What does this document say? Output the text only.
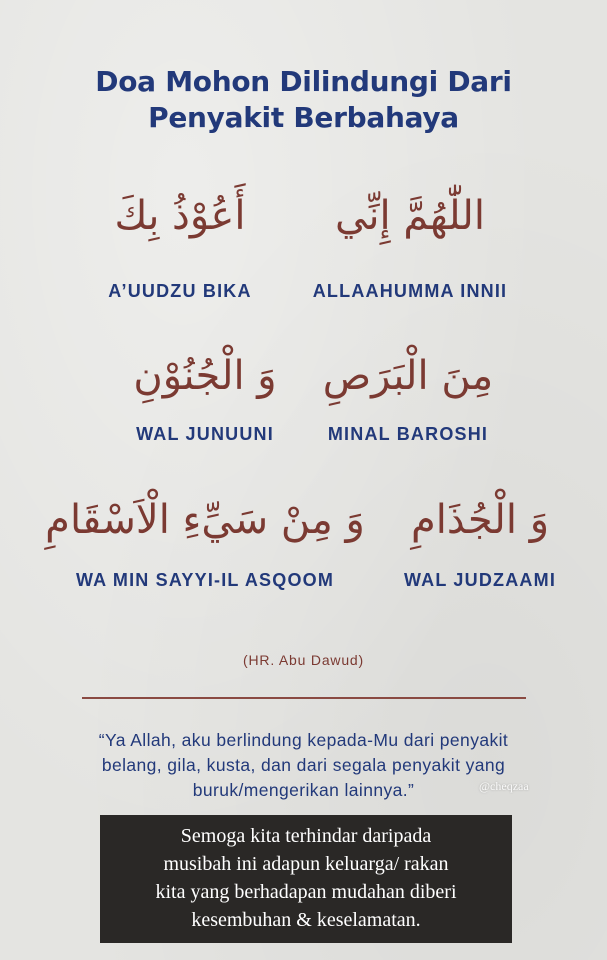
Doa Mohon Dilindungi Dari
Penyakit Berbahaya
أَعُوْذُ بِكَ
A’UUDZU BIKA
اللّٰهُمَّ إِنِّي
ALLAAHUMMA INNII
وَ الْجُنُوْنِ
WAL JUNUUNI
مِنَ الْبَرَصِ
MINAL BAROSHI
وَ مِنْ سَيِّءِ الْاَسْقَامِ
WA MIN SAYYI-IL ASQOOM
وَ الْجُذَامِ
WAL JUDZAAMI
(HR. Abu Dawud)
“Ya Allah, aku berlindung kepada-Mu dari penyakit
belang, gila, kusta, dan dari segala penyakit yang
buruk/mengerikan lainnya.”	@cheqzaa
Semoga kita terhindar daripada
musibah ini adapun keluarga/ rakan
kita yang berhadapan mudahan diberi
kesembuhan & keselamatan.
